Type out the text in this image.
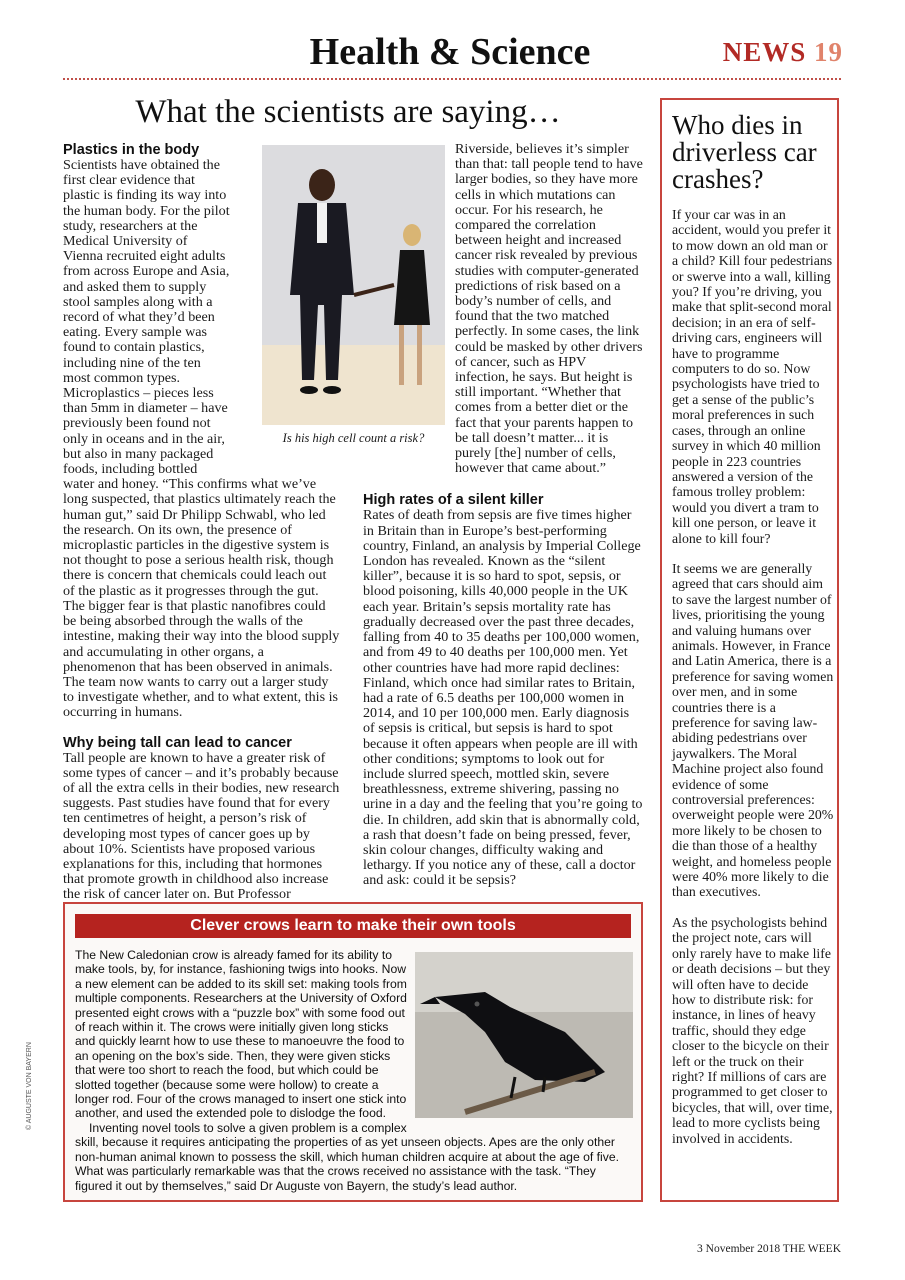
Health & Science	NEWS 19
What the scientists are saying…
Plastics in the body

Scientists have obtained the first clear evidence that plastic is finding its way into the human body. For the pilot study, researchers at the Medical University of Vienna recruited eight adults from across Europe and Asia, and asked them to supply stool samples along with a record of what they’d been eating. Every sample was found to contain plastics, including nine of the ten most common types. Microplastics – pieces less than 5mm in diameter – have previously been found not only in oceans and in the air, but also in many packaged foods, including bottled water and honey. “This confirms what we’ve long suspected, that plastics ultimately reach the human gut,” said Dr Philipp Schwabl, who led the research. On its own, the presence of microplastic particles in the digestive system is not thought to pose a serious health risk, though there is concern that chemicals could leach out of the plastic as it progresses through the gut. The bigger fear is that plastic nanofibres could be being absorbed through the walls of the intestine, making their way into the blood supply and accumulating in other organs, a phenomenon that has been observed in animals. The team now wants to carry out a larger study to investigate whether, and to what extent, this is occurring in humans.

Why being tall can lead to cancer

Tall people are known to have a greater risk of some types of cancer – and it’s probably because of all the extra cells in their bodies, new research suggests. Past studies have found that for every ten centimetres of height, a person’s risk of developing most types of cancer goes up by about 10%. Scientists have proposed various explanations for this, including that hormones that promote growth in childhood also increase the risk of cancer later on. But Professor

Is his high cell count a risk?

Riverside, believes it’s simpler than that: tall people tend to have larger bodies, so they have more cells in which mutations can occur. For his research, he compared the correlation between height and increased cancer risk revealed by previous studies with computer-generated predictions of risk based on a body’s number of cells, and found that the two matched perfectly. In some cases, the link could be masked by other drivers of cancer, such as HPV infection, he says. But height is still important. “Whether that comes from a better diet or the fact that your parents happen to be tall doesn’t matter... it is purely [the] number of cells, however that came about.”

High rates of a silent killer

Rates of death from sepsis are five times higher in Britain than in Europe’s best-performing country, Finland, an analysis by Imperial College London has revealed. Known as the “silent killer”, because it is so hard to spot, sepsis, or blood poisoning, kills 40,000 people in the UK each year. Britain’s sepsis mortality rate has gradually decreased over the past three decades, falling from 40 to 35 deaths per 100,000 women, and from 49 to 40 deaths per 100,000 men. Yet other countries have had more rapid declines: Finland, which once had similar rates to Britain, had a rate of 6.5 deaths per 100,000 women in 2014, and 10 per 100,000 men. Early diagnosis of sepsis is critical, but sepsis is hard to spot because it often appears when people are ill with other conditions; symptoms to look out for include slurred speech, mottled skin, severe breathlessness, extreme shivering, passing no urine in a day and the feeling that you’re going to die. In children, add skin that is abnormally cold, a rash that doesn’t fade on being pressed, fever, skin colour changes, difficulty waking and lethargy. If you notice any of these, call a doctor and ask: could it be sepsis?

Who dies in driverless car crashes?

If your car was in an accident, would you prefer it to mow down an old man or a child? Kill four pedestrians or swerve into a wall, killing you? If you’re driving, you make that split-second moral decision; in an era of self-driving cars, engineers will have to programme computers to do so. Now psychologists have tried to get a sense of the public’s moral preferences in such cases, through an online survey in which 40 million people in 223 countries answered a version of the famous trolley problem: would you divert a tram to kill one person, or leave it alone to kill four?

It seems we are generally agreed that cars should aim to save the largest number of lives, prioritising the young and valuing humans over animals. However, in France and Latin America, there is a preference for saving women over men, and in some countries there is a preference for saving law-abiding pedestrians over jaywalkers. The Moral Machine project also found evidence of some controversial preferences: overweight people were 20% more likely to be chosen to die than those of a healthy weight, and homeless people were 40% more likely to die than executives.

As the psychologists behind the project note, cars will only rarely have to make life or death decisions – but they will often have to decide how to distribute risk: for instance, in lines of heavy traffic, should they edge closer to the bicycle on their left or the truck on their right? If millions of cars are programmed to get closer to bicycles, that will, over time, lead to more cyclists being involved in accidents.

Clever crows learn to make their own tools

The New Caledonian crow is already famed for its ability to make tools, by, for instance, fashioning twigs into hooks. Now a new element can be added to its skill set: making tools from multiple components. Researchers at the University of Oxford presented eight crows with a “puzzle box” with some food out of reach within it. The crows were initially given long sticks and quickly learnt how to use these to manoeuvre the food to an opening on the box’s side. Then, they were given sticks that were too short to reach the food, but which could be slotted together (because some were hollow) to create a longer rod. Four of the crows managed to insert one stick into another, and used the extended pole to dislodge the food.

Inventing novel tools to solve a given problem is a complex skill, because it requires anticipating the properties of as yet unseen objects. Apes are the only other non-human animal known to possess the skill, which human children acquire at about the age of five. What was particularly remarkable was that the crows received no assistance with the task. “They figured it out by themselves,” said Dr Auguste von Bayern, the study’s lead author.

© AUGUSTE VON BAYERN
3 November 2018 THE WEEK
